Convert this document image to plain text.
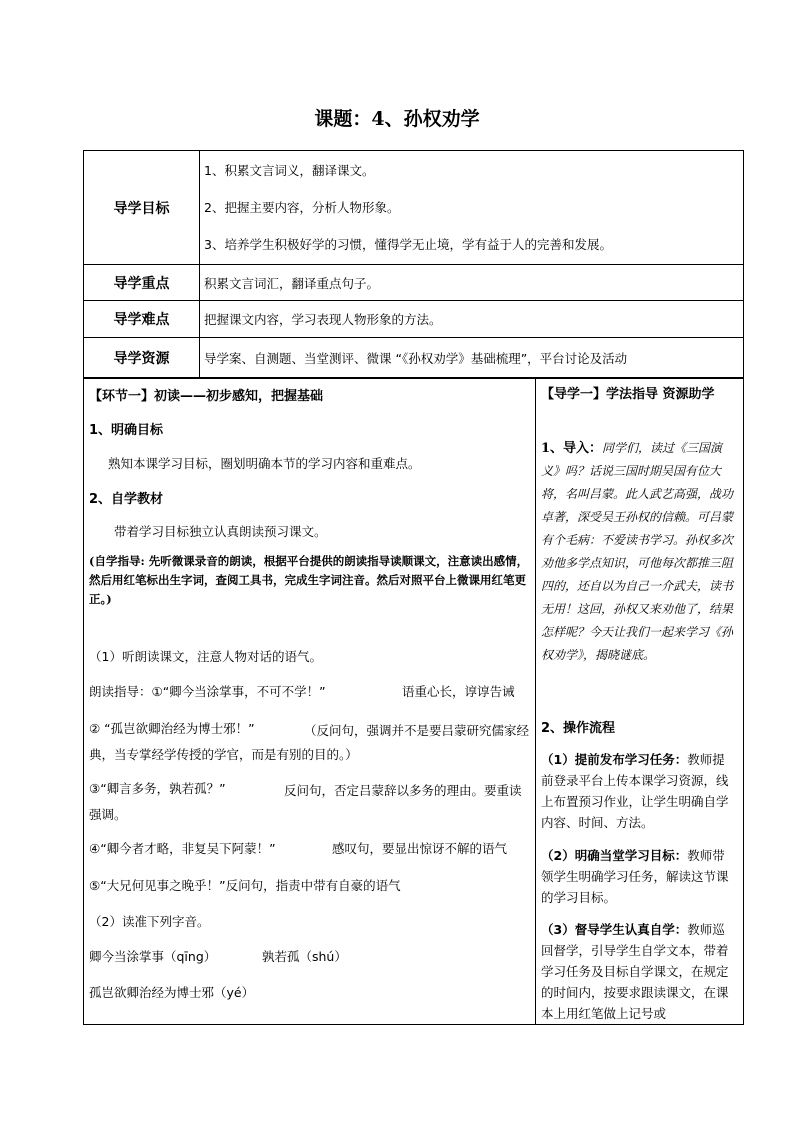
课题：4、孙权劝学
导学目标	1、积累文言词义，翻译课文。

2、把握主要内容，分析人物形象。

3、培养学生积极好学的习惯，懂得学无止境，学有益于人的完善和发展。

导学重点	积累文言词汇，翻译重点句子。
导学难点	把握课文内容，学习表现人物形象的方法。
导学资源	导学案、自测题、当堂测评、微课 “《孙权劝学》基础梳理”，平台讨论及活动
【环节一】初读——初步感知，把握基础
1、明确目标
熟知本课学习目标，圈划明确本节的学习内容和重难点。
2、自学教材
带着学习目标独立认真朗读预习课文。
(自学指导: 先听微课录音的朗读，根据平台提供的朗读指导读顺课文，注意读出感情，然后用红笔标出生字词，查阅工具书，完成生字词注音。然后对照平台上微课用红笔更正。)
（1）听朗读课文，注意人物对话的语气。
朗读指导：①“卿今当涂掌事，不可不学！”	语重心长，谆谆告诫
② “孤岂欲卿治经为博士邪！”	（反问句，强调并不是要吕蒙研究儒家经典，当专掌经学传授的学官，而是有别的目的。）
③“卿言多务，孰若孤？”	反问句，否定吕蒙辞以多务的理由。要重读强调。
④“卿今者才略，非复吴下阿蒙！”	感叹句，要显出惊讶不解的语气
⑤“大兄何见事之晚乎！”反问句，指责中带有自豪的语气
（2）读准下列字音。
卿今当涂掌事（qīng）	孰若孤（shú）
孤岂欲卿治经为博士邪（yé）
【导学一】学法指导 资源助学
1、导入：同学们，读过《三国演义》吗？话说三国时期吴国有位大将，名叫吕蒙。此人武艺高强，战功卓著，深受吴王孙权的信赖。可吕蒙有个毛病：不爱读书学习。孙权多次劝他多学点知识，可他每次都推三阻四的，还自以为自己一介武夫，读书无用！这回，孙权又来劝他了，结果怎样呢？今天让我们一起来学习《孙权劝学》，揭晓谜底。
2、操作流程
（1）提前发布学习任务：教师提前登录平台上传本课学习资源，线上布置预习作业，让学生明确自学内容、时间、方法。
（2）明确当堂学习目标：教师带领学生明确学习任务，解读这节课的学习目标。
（3）督导学生认真自学：教师巡回督学，引导学生自学文本，带着学习任务及目标自学课文，在规定的时间内，按要求跟读课文，在课本上用红笔做上记号或
